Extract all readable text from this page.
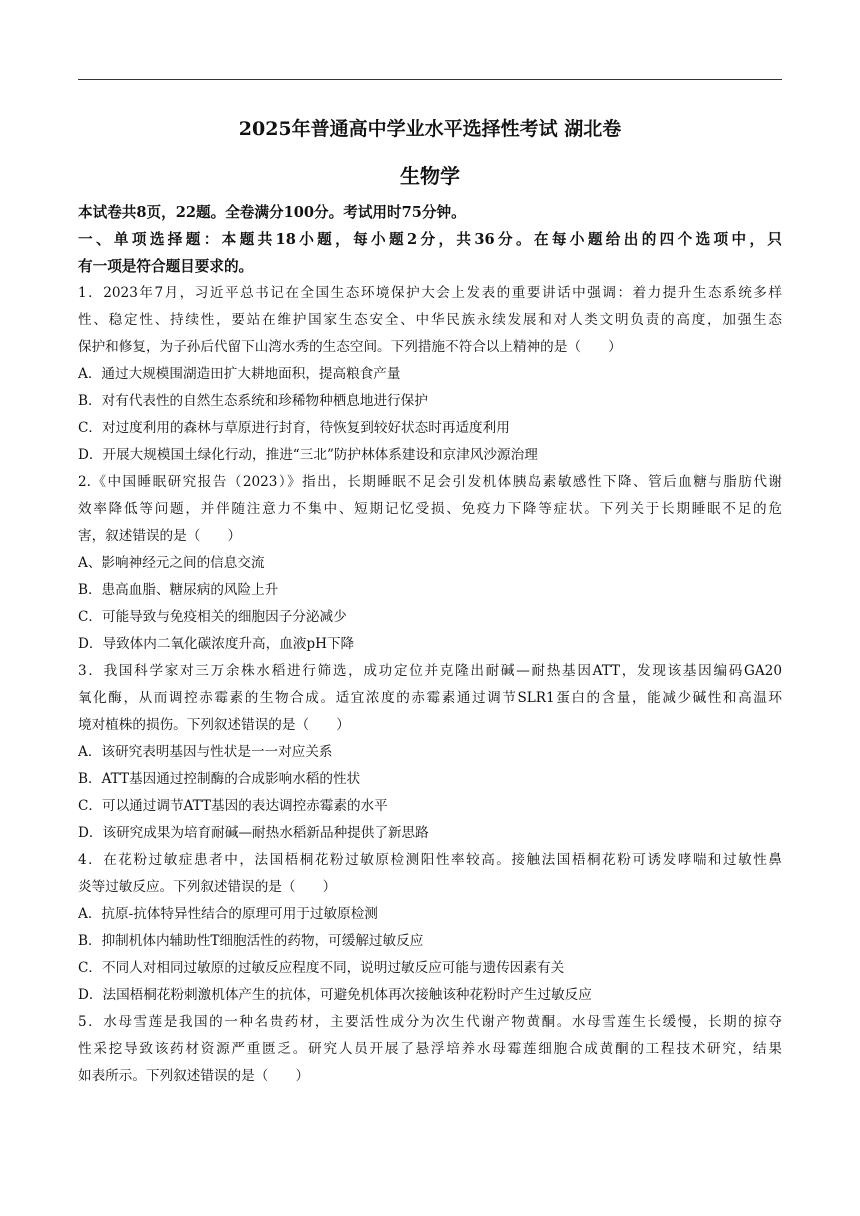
2025年普通高中学业水平选择性考试 湖北卷
生物学
本试卷共8页，22题。全卷满分100分。考试用时75分钟。
一、单项选择题：本题共18小题，每小题2分，共36分。在每小题给出的四个选项中，只
有一项是符合题目要求的。
1．2023年7月，习近平总书记在全国生态环境保护大会上发表的重要讲话中强调：着力提升生态系统多样
性、稳定性、持续性，要站在维护国家生态安全、中华民族永续发展和对人类文明负责的高度，加强生态
保护和修复，为子孙后代留下山湾水秀的生态空间。下列措施不符合以上精神的是（　　）
A．通过大规模围湖造田扩大耕地面积，提高粮食产量
B．对有代表性的自然生态系统和珍稀物种栖息地进行保护
C．对过度利用的森林与草原进行封育，待恢复到较好状态时再适度利用
D．开展大规模国土绿化行动，推进“三北”防护林体系建设和京津风沙源治理
2.《中国睡眠研究报告（2023）》指出，长期睡眠不足会引发机体胰岛素敏感性下降、管后血糖与脂肪代谢
效率降低等问题，并伴随注意力不集中、短期记忆受损、免疫力下降等症状。下列关于长期睡眠不足的危
害，叙述错误的是（　　）
A、影响神经元之间的信息交流
B．患高血脂、糖尿病的风险上升
C．可能导致与免疫相关的细胞因子分泌减少
D．导致体内二氧化碳浓度升高，血液pH下降
3．我国科学家对三万余株水稻进行筛选，成功定位并克隆出耐碱—耐热基因ATT，发现该基因编码GA20
氧化酶，从而调控赤霉素的生物合成。适宜浓度的赤霉素通过调节SLR1蛋白的含量，能减少碱性和高温环
境对植株的损伤。下列叙述错误的是（　　）
A．该研究表明基因与性状是一一对应关系
B．ATT基因通过控制酶的合成影响水稻的性状
C．可以通过调节ATT基因的表达调控赤霉素的水平
D．该研究成果为培育耐碱—耐热水稻新品种提供了新思路
4．在花粉过敏症患者中，法国梧桐花粉过敏原检测阳性率较高。接触法国梧桐花粉可诱发哮喘和过敏性鼻
炎等过敏反应。下列叙述错误的是（　　）
A．抗原-抗体特异性结合的原理可用于过敏原检测
B．抑制机体内辅助性T细胞活性的药物，可缓解过敏反应
C．不同人对相同过敏原的过敏反应程度不同，说明过敏反应可能与遗传因素有关
D．法国梧桐花粉刺激机体产生的抗体，可避免机体再次接触该种花粉时产生过敏反应
5．水母雪莲是我国的一种名贵药材，主要活性成分为次生代谢产物黄酮。水母雪莲生长缓慢，长期的掠夺
性采挖导致该药材资源严重匮乏。研究人员开展了悬浮培养水母霉莲细胞合成黄酮的工程技术研究，结果
如表所示。下列叙述错误的是（　　）
